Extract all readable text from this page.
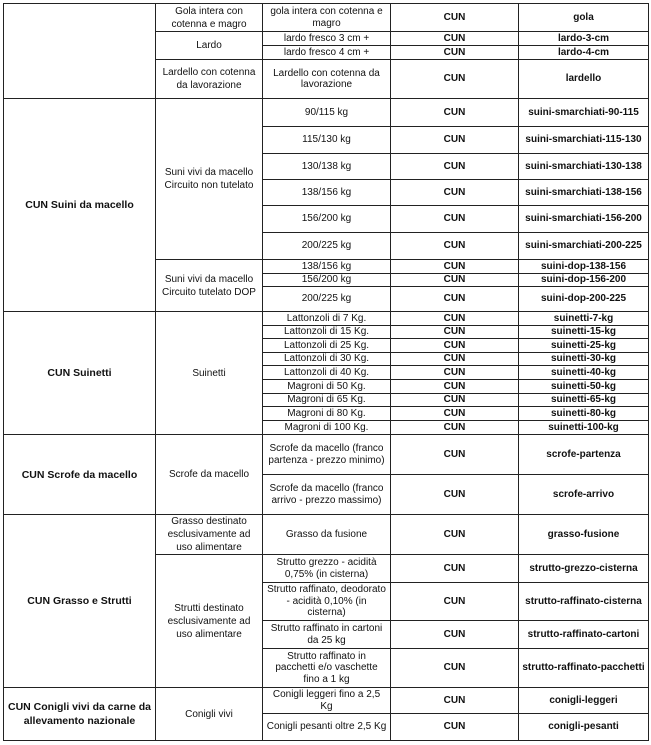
	Gola intera con cotenna e magro	gola intera con cotenna e magro	CUN	gola
	Lardo	lardo fresco 3 cm +	CUN	lardo-3-cm
		lardo fresco 4 cm +	CUN	lardo-4-cm
	Lardello con cotenna da lavorazione	Lardello con cotenna da lavorazione	CUN	lardello
CUN Suini da macello	Suni vivi da macello Circuito non tutelato	90/115 kg	CUN	suini-smarchiati-90-115
		115/130 kg	CUN	suini-smarchiati-115-130
		130/138 kg	CUN	suini-smarchiati-130-138
		138/156 kg	CUN	suini-smarchiati-138-156
		156/200 kg	CUN	suini-smarchiati-156-200
		200/225 kg	CUN	suini-smarchiati-200-225
	Suni vivi da macello Circuito tutelato DOP	138/156 kg	CUN	suini-dop-138-156
		156/200 kg	CUN	suini-dop-156-200
		200/225 kg	CUN	suini-dop-200-225
CUN Suinetti	Suinetti	Lattonzoli di 7 Kg.	CUN	suinetti-7-kg
		Lattonzoli di 15 Kg.	CUN	suinetti-15-kg
		Lattonzoli di 25 Kg.	CUN	suinetti-25-kg
		Lattonzoli di 30 Kg.	CUN	suinetti-30-kg
		Lattonzoli di 40 Kg.	CUN	suinetti-40-kg
		Magroni di 50 Kg.	CUN	suinetti-50-kg
		Magroni di 65 Kg.	CUN	suinetti-65-kg
		Magroni di 80 Kg.	CUN	suinetti-80-kg
		Magroni di 100 Kg.	CUN	suinetti-100-kg
CUN Scrofe da macello	Scrofe da macello	Scrofe da macello (franco partenza - prezzo minimo)	CUN	scrofe-partenza
		Scrofe da macello (franco arrivo - prezzo massimo)	CUN	scrofe-arrivo
CUN Grasso e Strutti	Grasso destinato esclusivamente ad uso alimentare	Grasso da fusione	CUN	grasso-fusione
	Strutti destinato esclusivamente ad uso alimentare	Strutto grezzo - acidità 0,75% (in cisterna)	CUN	strutto-grezzo-cisterna
		Strutto raffinato, deodorato - acidità 0,10% (in cisterna)	CUN	strutto-raffinato-cisterna
		Strutto raffinato in cartoni da 25 kg	CUN	strutto-raffinato-cartoni
		Strutto raffinato in pacchetti e/o vaschette fino a 1 kg	CUN	strutto-raffinato-pacchetti
CUN Conigli vivi da carne da allevamento nazionale	Conigli vivi	Conigli leggeri fino a 2,5 Kg	CUN	conigli-leggeri
		Conigli pesanti oltre 2,5 Kg	CUN	conigli-pesanti
